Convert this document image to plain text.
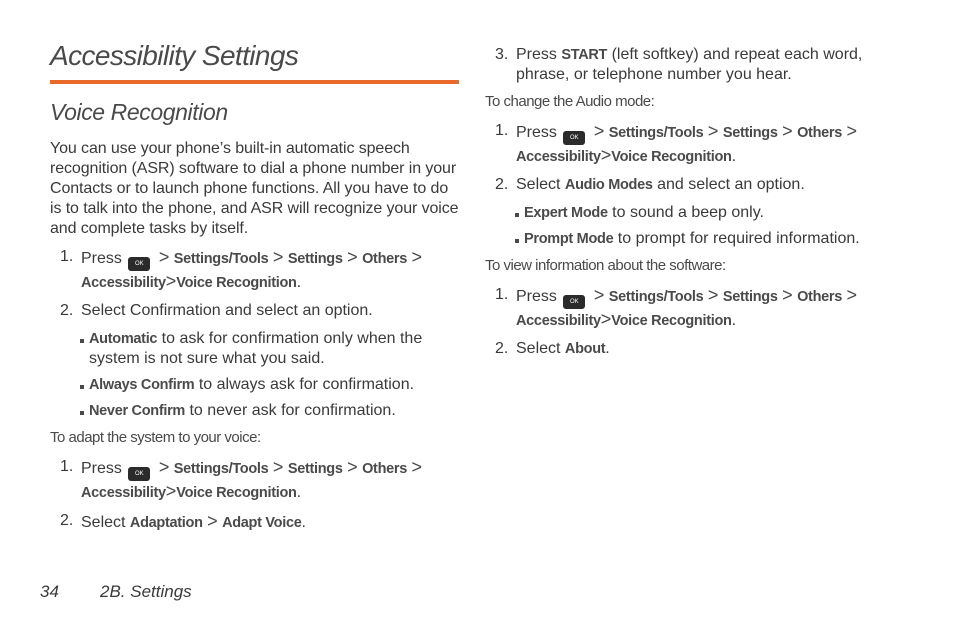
Accessibility Settings
Voice Recognition

You can use your phone’s built-in automatic speech recognition (ASR) software to dial a phone number in your Contacts or to launch phone functions. All you have to do is to talk into the phone, and ASR will recognize your voice and complete tasks by itself.

1. Press OK > Settings/Tools > Settings > Others > Accessibility>Voice Recognition.
2. Select Confirmation and select an option.
Automatic to ask for confirmation only when the system is not sure what you said.
Always Confirm to always ask for confirmation.
Never Confirm to never ask for confirmation.
To adapt the system to your voice:
1. Press OK > Settings/Tools > Settings > Others > Accessibility>Voice Recognition.
2. Select Adaptation > Adapt Voice.
3. Press START (left softkey) and repeat each word, phrase, or telephone number you hear.
To change the Audio mode:
1. Press OK > Settings/Tools > Settings > Others > Accessibility>Voice Recognition.
2. Select Audio Modes and select an option.
Expert Mode to sound a beep only.
Prompt Mode to prompt for required information.
To view information about the software:
1. Press OK > Settings/Tools > Settings > Others > Accessibility>Voice Recognition.
2. Select About.
34 2B. Settings
